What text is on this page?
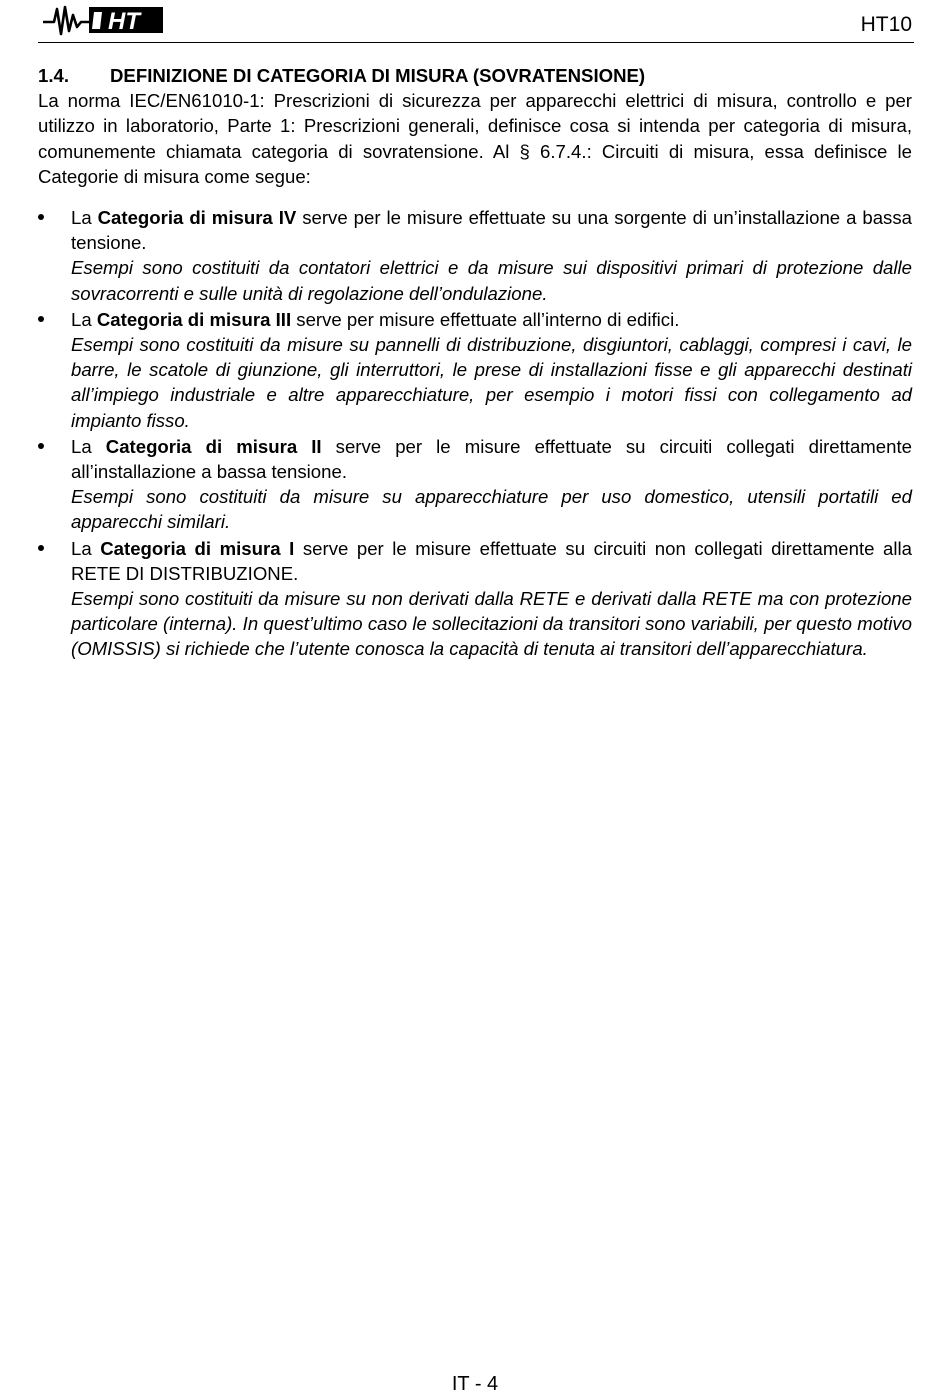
HT	HT10

1.4. DEFINIZIONE DI CATEGORIA DI MISURA (SOVRATENSIONE)

La norma IEC/EN61010-1: Prescrizioni di sicurezza per apparecchi elettrici di misura, controllo e per utilizzo in laboratorio, Parte 1: Prescrizioni generali, definisce cosa si intenda per categoria di misura, comunemente chiamata categoria di sovratensione. Al § 6.7.4.: Circuiti di misura, essa definisce le Categorie di misura come segue:

La Categoria di misura IV serve per le misure effettuate su una sorgente di un’installazione a bassa tensione.

Esempi sono costituiti da contatori elettrici e da misure sui dispositivi primari di protezione dalle sovracorrenti e sulle unità di regolazione dell’ondulazione.

La Categoria di misura III serve per misure effettuate all’interno di edifici.

Esempi sono costituiti da misure su pannelli di distribuzione, disgiuntori, cablaggi, compresi i cavi, le barre, le scatole di giunzione, gli interruttori, le prese di installazioni fisse e gli apparecchi destinati all’impiego industriale e altre apparecchiature, per esempio i motori fissi con collegamento ad impianto fisso.

La Categoria di misura II serve per le misure effettuate su circuiti collegati direttamente all’installazione a bassa tensione.

Esempi sono costituiti da misure su apparecchiature per uso domestico, utensili portatili ed apparecchi similari.

La Categoria di misura I serve per le misure effettuate su circuiti non collegati direttamente alla RETE DI DISTRIBUZIONE.

Esempi sono costituiti da misure su non derivati dalla RETE e derivati dalla RETE ma con protezione particolare (interna). In quest’ultimo caso le sollecitazioni da transitori sono variabili, per questo motivo (OMISSIS) si richiede che l’utente conosca la capacità di tenuta ai transitori dell’apparecchiatura.

IT - 4
